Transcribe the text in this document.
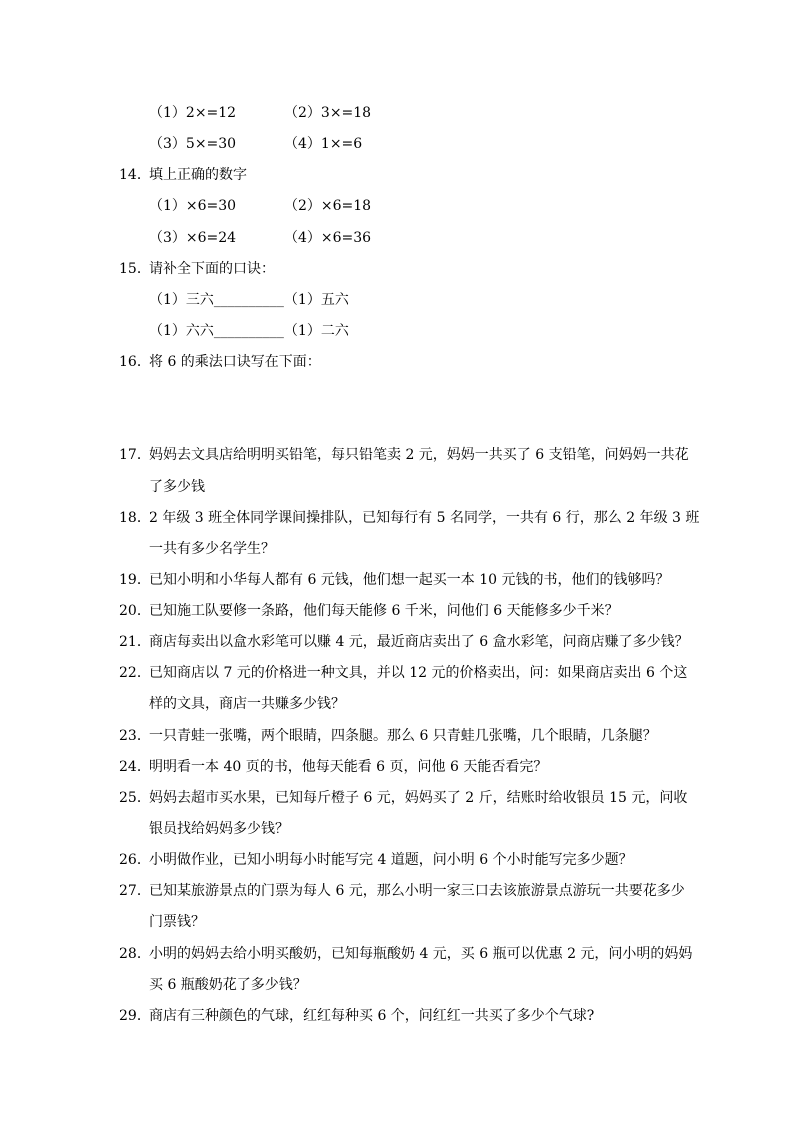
（1）2×=12	（2）3×=18
（3）5×=30	（4）1×=6
14．
填上正确的数字
（1）×6=30	（2）×6=18
（3）×6=24	（4）×6=36
15．
请补全下面的口诀：
（1）三六__________（1）五六
（1）六六__________（1）二六
16．
将 6 的乘法口诀写在下面：
17．
妈妈去文具店给明明买铅笔，每只铅笔卖 2 元，妈妈一共买了 6 支铅笔，问妈妈一共花
了多少钱
18．
2 年级 3 班全体同学课间操排队，已知每行有 5 名同学，一共有 6 行，那么 2 年级 3 班
一共有多少名学生？
19．
已知小明和小华每人都有 6 元钱，他们想一起买一本 10 元钱的书，他们的钱够吗？
20．
已知施工队要修一条路，他们每天能修 6 千米，问他们 6 天能修多少千米？
21．
商店每卖出以盒水彩笔可以赚 4 元，最近商店卖出了 6 盒水彩笔，问商店赚了多少钱？
22．
已知商店以 7 元的价格进一种文具，并以 12 元的价格卖出，问：如果商店卖出 6 个这
样的文具，商店一共赚多少钱？
23．
一只青蛙一张嘴，两个眼睛，四条腿。那么 6 只青蛙几张嘴，几个眼睛，几条腿？
24．
明明看一本 40 页的书，他每天能看 6 页，问他 6 天能否看完？
25．
妈妈去超市买水果，已知每斤橙子 6 元，妈妈买了 2 斤，结账时给收银员 15 元，问收
银员找给妈妈多少钱？
26．
小明做作业，已知小明每小时能写完 4 道题，问小明 6 个小时能写完多少题？
27．
已知某旅游景点的门票为每人 6 元，那么小明一家三口去该旅游景点游玩一共要花多少
门票钱？
28．
小明的妈妈去给小明买酸奶，已知每瓶酸奶 4 元，买 6 瓶可以优惠 2 元，问小明的妈妈
买 6 瓶酸奶花了多少钱？
29．
商店有三种颜色的气球，红红每种买 6 个，问红红一共买了多少个气球?
